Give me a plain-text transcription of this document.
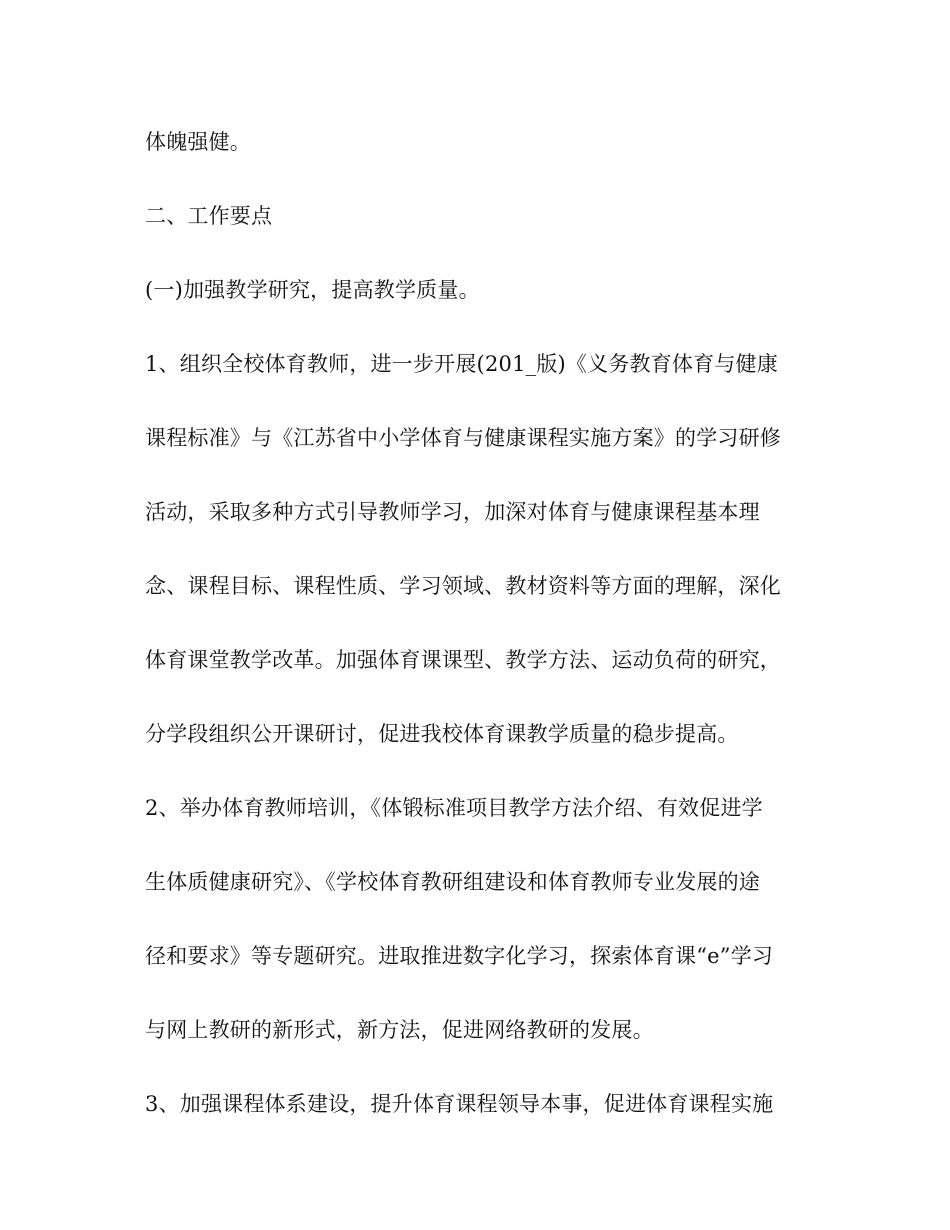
体魄强健。
二、工作要点
(一)加强教学研究，提高教学质量。
1、组织全校体育教师，进一步开展(201_版)《义务教育体育与健康
课程标准》与《江苏省中小学体育与健康课程实施方案》的学习研修
活动，采取多种方式引导教师学习，加深对体育与健康课程基本理
念、课程目标、课程性质、学习领域、教材资料等方面的理解，深化
体育课堂教学改革。加强体育课课型、教学方法、运动负荷的研究，
分学段组织公开课研讨，促进我校体育课教学质量的稳步提高。
2、举办体育教师培训，《体锻标准项目教学方法介绍、有效促进学
生体质健康研究》、《学校体育教研组建设和体育教师专业发展的途
径和要求》等专题研究。进取推进数字化学习，探索体育课“e”学习
与网上教研的新形式，新方法，促进网络教研的发展。
3、加强课程体系建设，提升体育课程领导本事，促进体育课程实施
